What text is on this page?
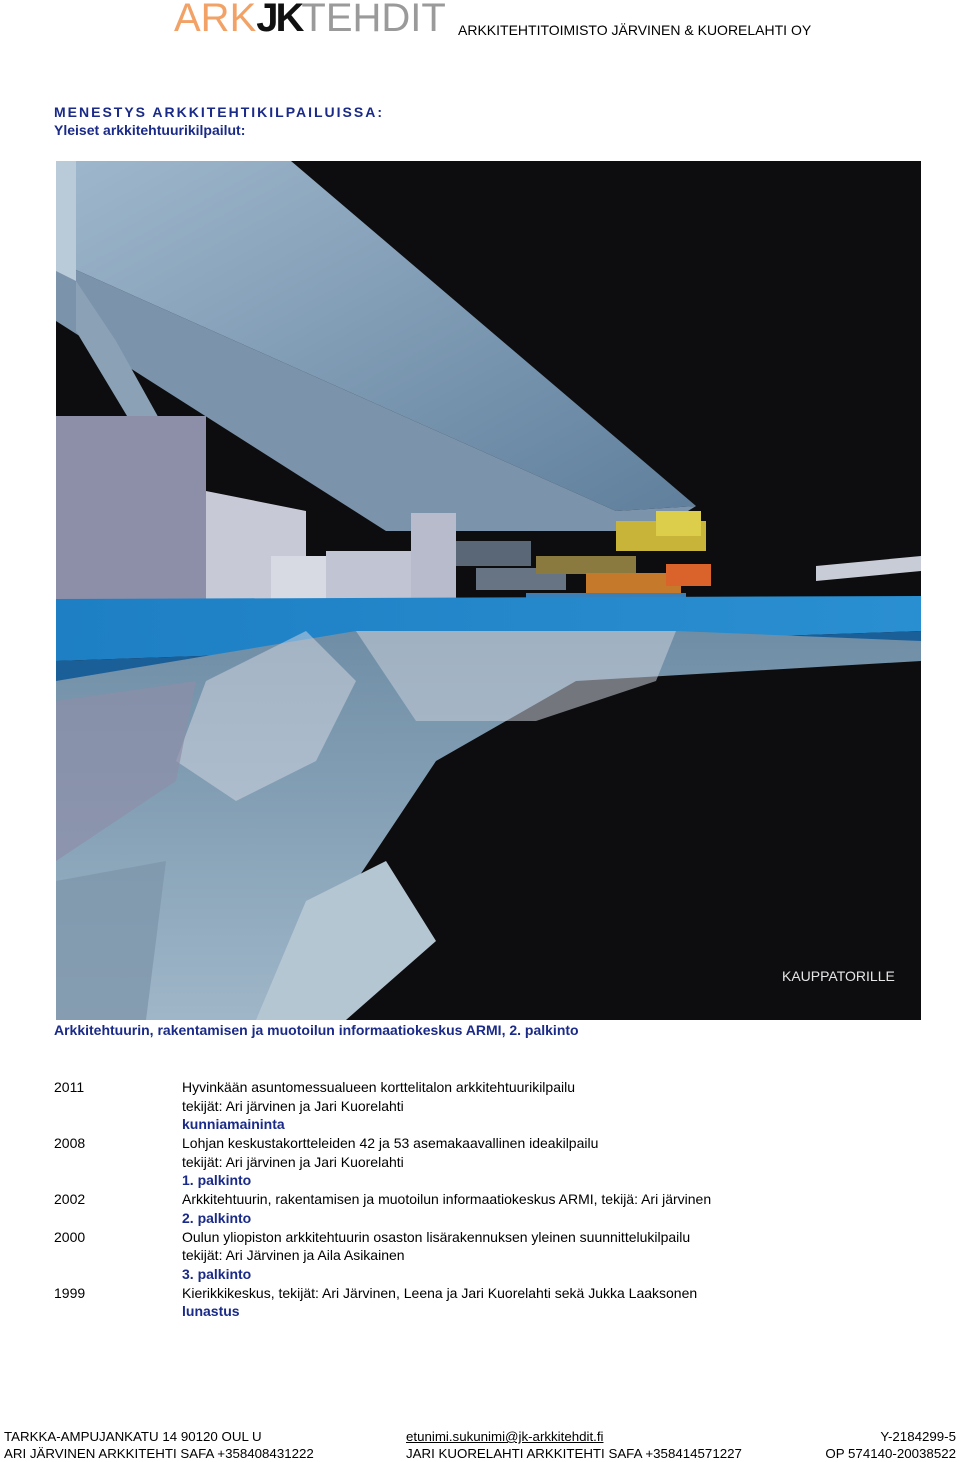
ARKJKTEHDIT ARKKITEHTITOIMISTO JÄRVINEN & KUORELAHTI OY
MENESTYS ARKKITEHTIKILPAILUISSA:
Yleiset arkkitehtuurikilpailut:
KAUPPATORILLE
Arkkitehtuurin, rakentamisen ja muotoilun informaatiokeskus ARMI, 2. palkinto
2011	Hyvinkään asuntomessualueen korttelitalon arkkitehtuurikilpailu
tekijät: Ari järvinen ja Jari Kuorelahti
kunniamaininta
2008	Lohjan keskustakortteleiden 42 ja 53 asemakaavallinen ideakilpailu
tekijät: Ari järvinen ja Jari Kuorelahti
1. palkinto
2002	Arkkitehtuurin, rakentamisen ja muotoilun informaatiokeskus ARMI, tekijä: Ari järvinen
2. palkinto
2000	Oulun yliopiston arkkitehtuurin osaston lisärakennuksen yleinen suunnittelukilpailu
tekijät: Ari Järvinen ja Aila Asikainen
3. palkinto
1999	Kierikkikeskus, tekijät: Ari Järvinen, Leena ja Jari Kuorelahti sekä Jukka Laaksonen
lunastus
TARKKA-AMPUJANKATU 14 90120 OUL U	etunimi.sukunimi@jk-arkkitehdit.fi	Y-2184299-5
ARI JÄRVINEN ARKKITEHTI SAFA +358408431222	JARI KUORELAHTI ARKKITEHTI SAFA +358414571227	OP 574140-20038522
